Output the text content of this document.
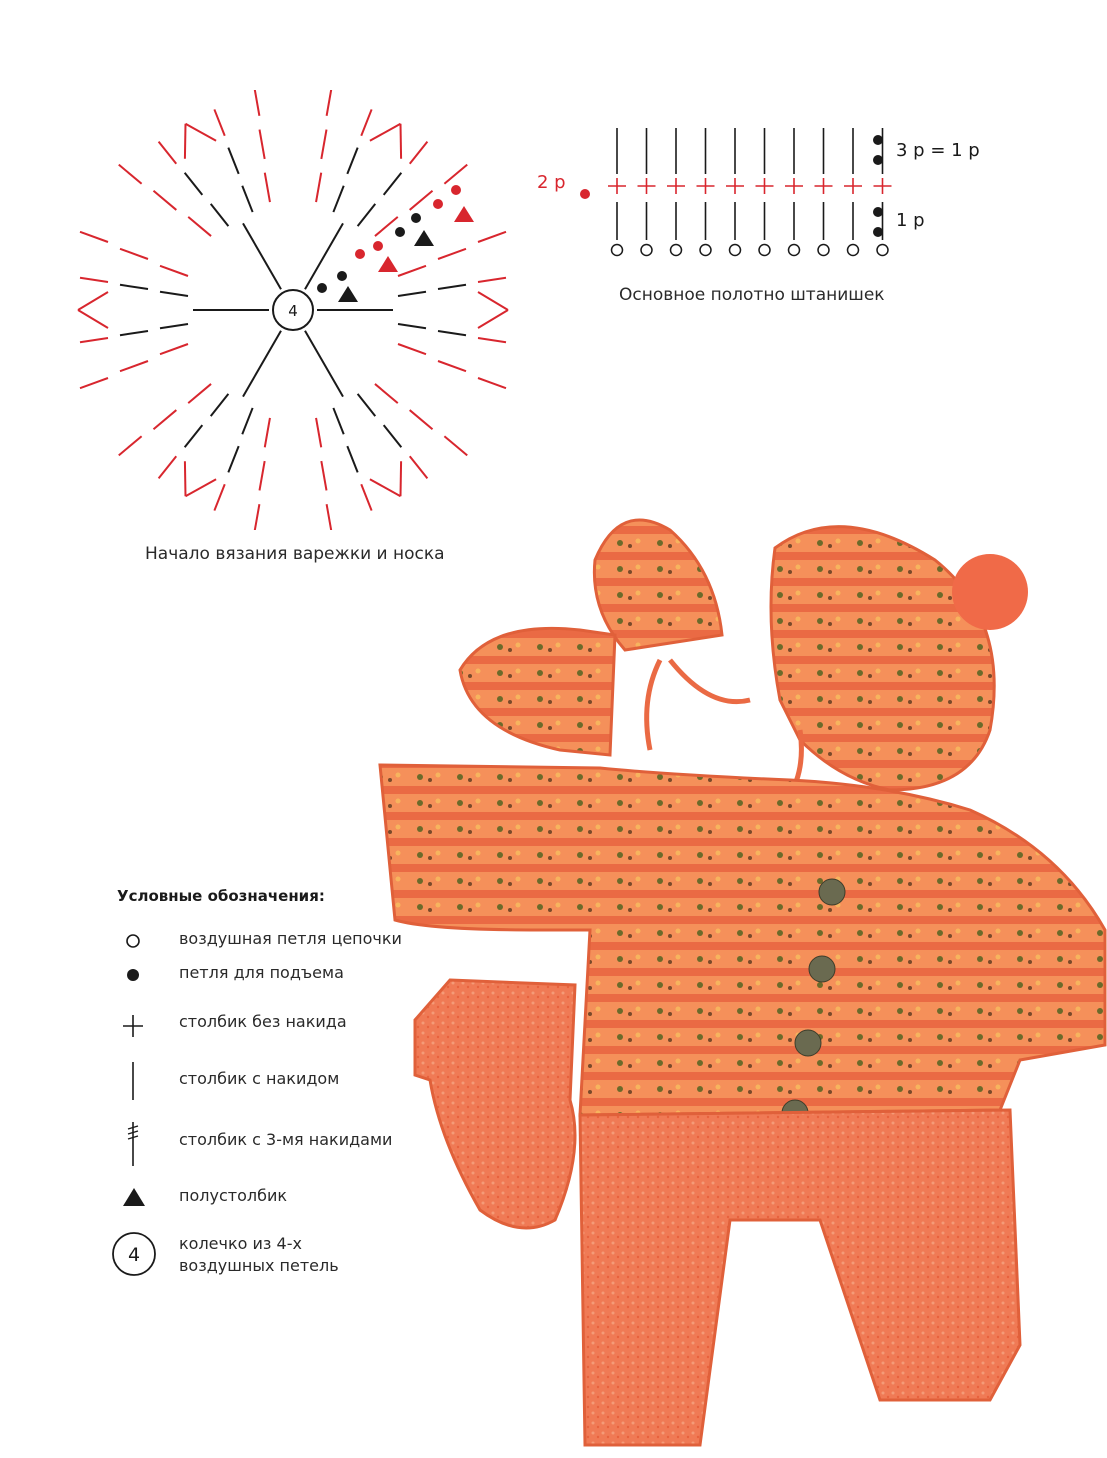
4
Начало вязания варежки и носка
3 р = 1 р
2 р
1 р
Основное полотно штанишек
Условные обозначения:
воздушная петля цепочки
петля для подъема
столбик без накида
столбик с накидом
столбик с 3-мя накидами
полустолбик
4
колечко из 4-х воздушных петель
